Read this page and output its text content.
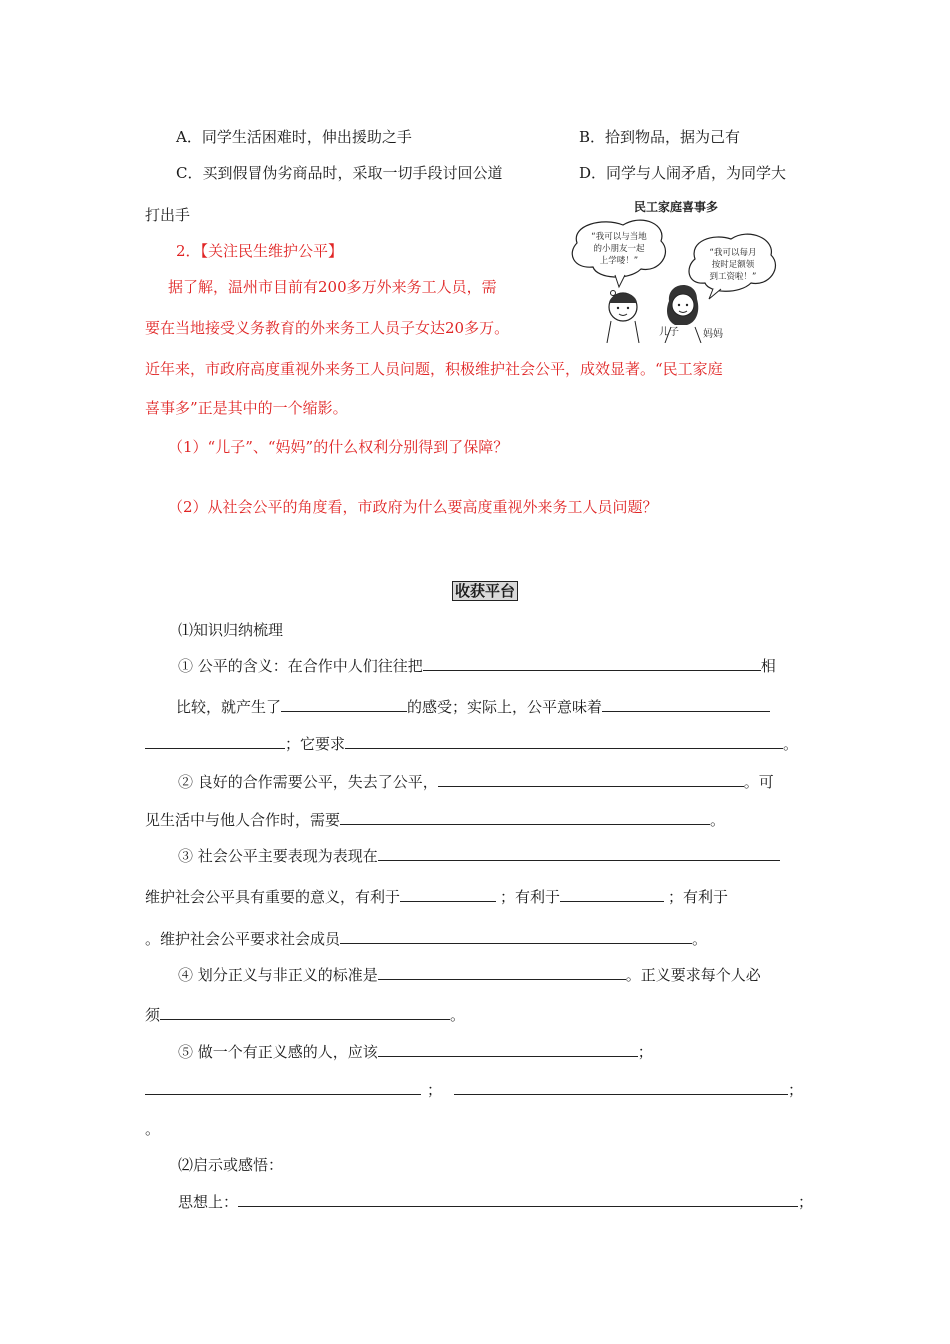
A．同学生活困难时，伸出援助之手	B．拾到物品，据为己有
C．买到假冒伪劣商品时，采取一切手段讨回公道	D．同学与人闹矛盾，为同学大
打出手
2．【关注民生维护公平】
据了解，温州市目前有200多万外来务工人员，需
要在当地接受义务教育的外来务工人员子女达20多万。
近年来，市政府高度重视外来务工人员问题，积极维护社会公平，成效显著。“民工家庭
喜事多”正是其中的一个缩影。
（1）“儿子”、“妈妈”的什么权利分别得到了保障？
（2）从社会公平的角度看，市政府为什么要高度重视外来务工人员问题？
民工家庭喜事多
“我可以与当地
的小朋友一起
上学喽！”
“我可以每月
按时足额领
到工资啦！”
儿子 妈妈
收获平台
⑴知识归纳梳理
① 公平的含义：在合作中人们往往把	相
比较，就产生了	的感受；实际上，公平意味着
；它要求	。
② 良好的合作需要公平，失去了公平，	。可
见生活中与他人合作时，需要	。
③ 社会公平主要表现为表现在
维护社会公平具有重要的意义，有利于	；有利于	；有利于
。维护社会公平要求社会成员	。
④ 划分正义与非正义的标准是	。正义要求每个人必
须	。
⑤ 做一个有正义感的人，应该	；
；	；
。
⑵启示或感悟：
思想上：	；
